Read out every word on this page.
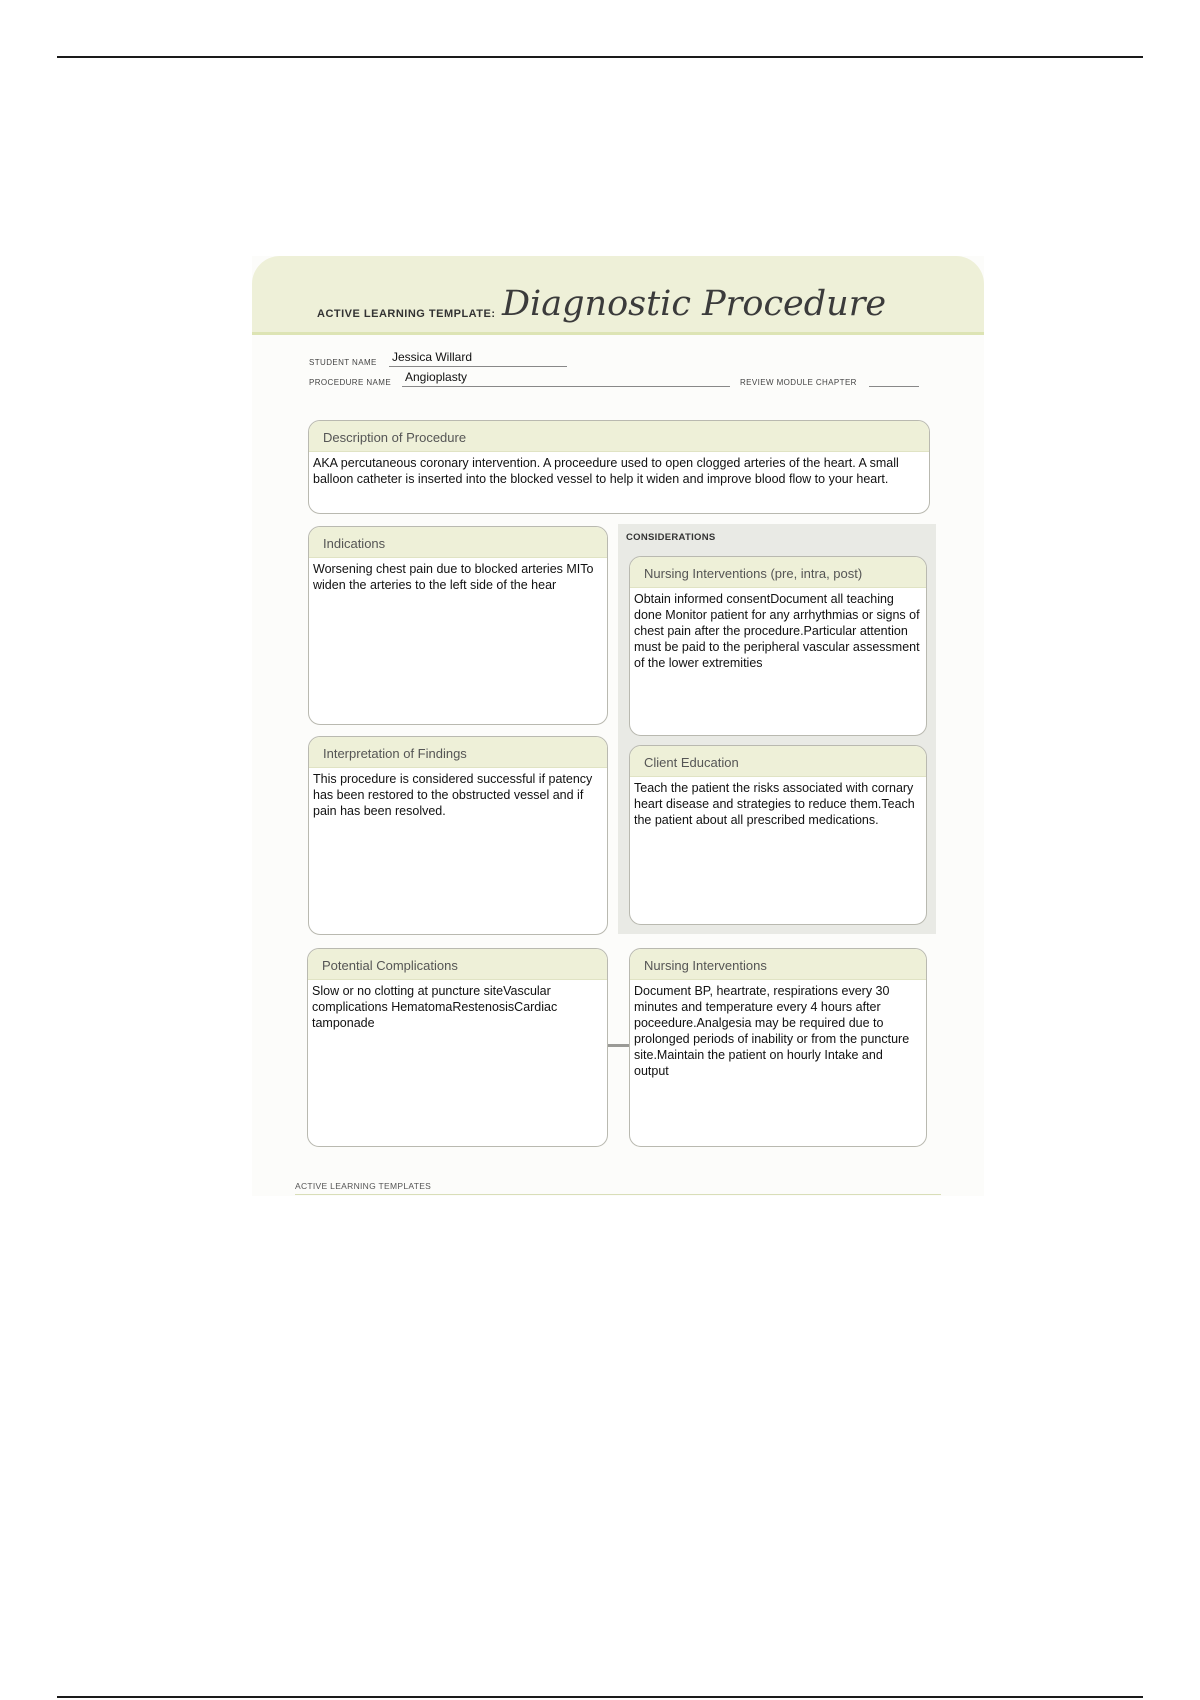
ACTIVE LEARNING TEMPLATE: Diagnostic Procedure
STUDENT NAME Jessica Willard
PROCEDURE NAME Angioplasty	REVIEW MODULE CHAPTER
Description of Procedure
AKA percutaneous coronary intervention. A proceedure used to open clogged arteries of the heart. A small balloon catheter is inserted into the blocked vessel to help it widen and improve blood flow to your heart.
CONSIDERATIONS
Indications
Worsening chest pain due to blocked arteries MITo widen the arteries to the left side of the hear
Nursing Interventions (pre, intra, post)
Obtain informed consentDocument all teaching done Monitor patient for any arrhythmias or signs of chest pain after the procedure.Particular attention must be paid to the peripheral vascular assessment of the lower extremities
Interpretation of Findings
This procedure is considered successful if patency has been restored to the obstructed vessel and if pain has been resolved.
Client Education
Teach the patient the risks associated with cornary heart disease and strategies to reduce them.Teach the patient about all prescribed medications.
Potential Complications
Slow or no clotting at puncture siteVascular complications HematomaRestenosisCardiac tamponade
Nursing Interventions
Document BP, heartrate, respirations every 30 minutes and temperature every 4 hours after poceedure.Analgesia may be required due to prolonged periods of inability or from the puncture site.Maintain the patient on hourly Intake and output
ACTIVE LEARNING TEMPLATES
